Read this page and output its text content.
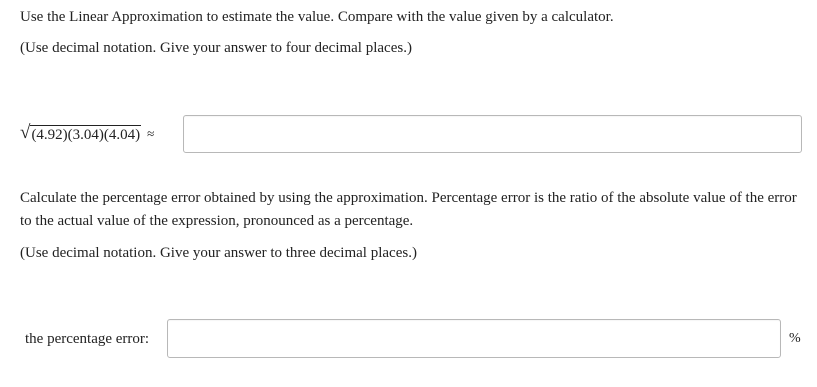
Use the Linear Approximation to estimate the value. Compare with the value given by a calculator.
(Use decimal notation. Give your answer to four decimal places.)
√ (4.92)(3.04)(4.04) ≈
Calculate the percentage error obtained by using the approximation. Percentage error is the ratio of the absolute value of the error to the actual value of the expression, pronounced as a percentage.
(Use decimal notation. Give your answer to three decimal places.)
the percentage error:	%
